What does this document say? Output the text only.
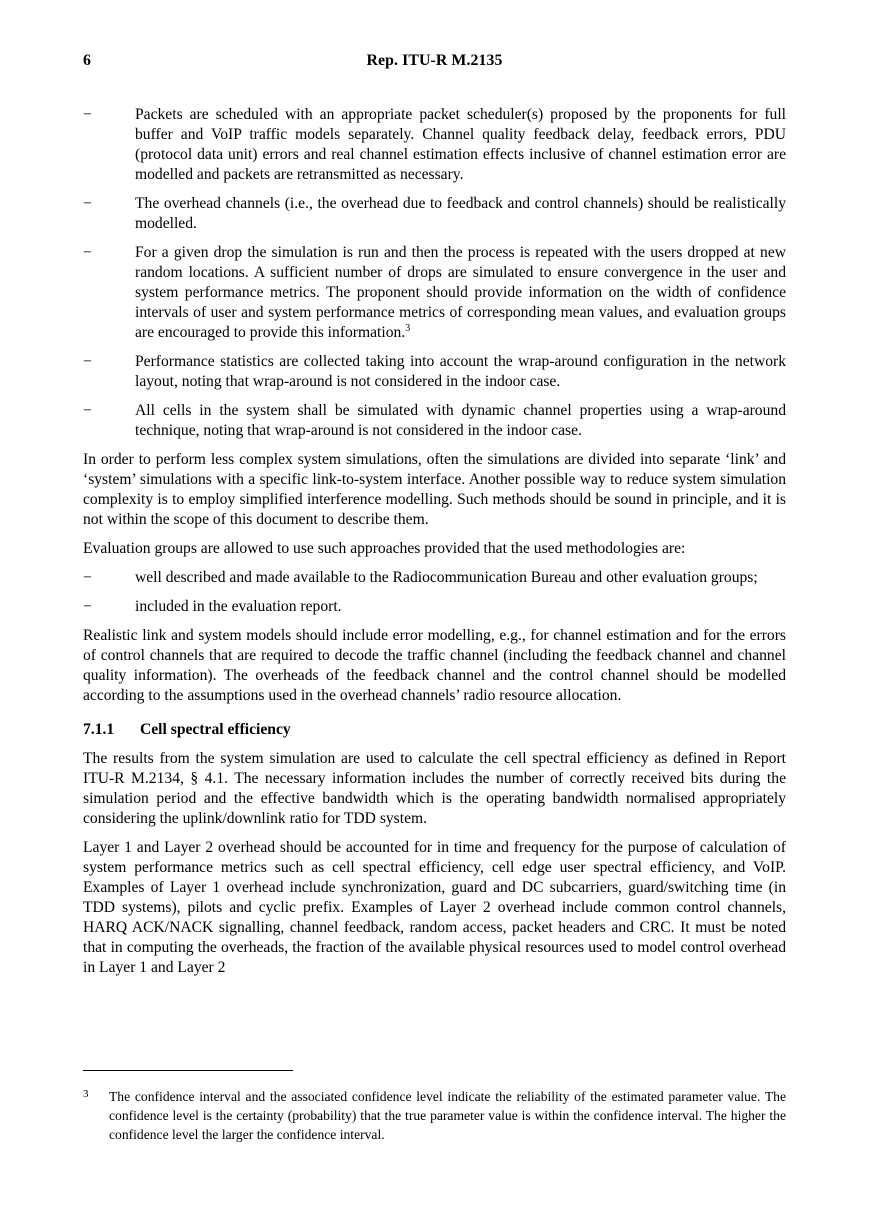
6	Rep. ITU-R M.2135
−	Packets are scheduled with an appropriate packet scheduler(s) proposed by the proponents for full buffer and VoIP traffic models separately. Channel quality feedback delay, feedback errors, PDU (protocol data unit) errors and real channel estimation effects inclusive of channel estimation error are modelled and packets are retransmitted as necessary.
−	The overhead channels (i.e., the overhead due to feedback and control channels) should be realistically modelled.
−	For a given drop the simulation is run and then the process is repeated with the users dropped at new random locations. A sufficient number of drops are simulated to ensure convergence in the user and system performance metrics. The proponent should provide information on the width of confidence intervals of user and system performance metrics of corresponding mean values, and evaluation groups are encouraged to provide this information.$^3$
−	Performance statistics are collected taking into account the wrap-around configuration in the network layout, noting that wrap-around is not considered in the indoor case.
−	All cells in the system shall be simulated with dynamic channel properties using a wrap-around technique, noting that wrap-around is not considered in the indoor case.

In order to perform less complex system simulations, often the simulations are divided into separate ‘link’ and ‘system’ simulations with a specific link-to-system interface. Another possible way to reduce system simulation complexity is to employ simplified interference modelling. Such methods should be sound in principle, and it is not within the scope of this document to describe them.

Evaluation groups are allowed to use such approaches provided that the used methodologies are:

−	well described and made available to the Radiocommunication Bureau and other evaluation groups;
−	included in the evaluation report.

Realistic link and system models should include error modelling, e.g., for channel estimation and for the errors of control channels that are required to decode the traffic channel (including the feedback channel and channel quality information). The overheads of the feedback channel and the control channel should be modelled according to the assumptions used in the overhead channels’ radio resource allocation.

7.1.1	Cell spectral efficiency

The results from the system simulation are used to calculate the cell spectral efficiency as defined in Report ITU-R M.2134, § 4.1. The necessary information includes the number of correctly received bits during the simulation period and the effective bandwidth which is the operating bandwidth normalised appropriately considering the uplink/downlink ratio for TDD system.

Layer 1 and Layer 2 overhead should be accounted for in time and frequency for the purpose of calculation of system performance metrics such as cell spectral efficiency, cell edge user spectral efficiency, and VoIP. Examples of Layer 1 overhead include synchronization, guard and DC subcarriers, guard/switching time (in TDD systems), pilots and cyclic prefix. Examples of Layer 2 overhead include common control channels, HARQ ACK/NACK signalling, channel feedback, random access, packet headers and CRC. It must be noted that in computing the overheads, the fraction of the available physical resources used to model control overhead in Layer 1 and Layer 2

3	The confidence interval and the associated confidence level indicate the reliability of the estimated parameter value. The confidence level is the certainty (probability) that the true parameter value is within the confidence interval. The higher the confidence level the larger the confidence interval.
